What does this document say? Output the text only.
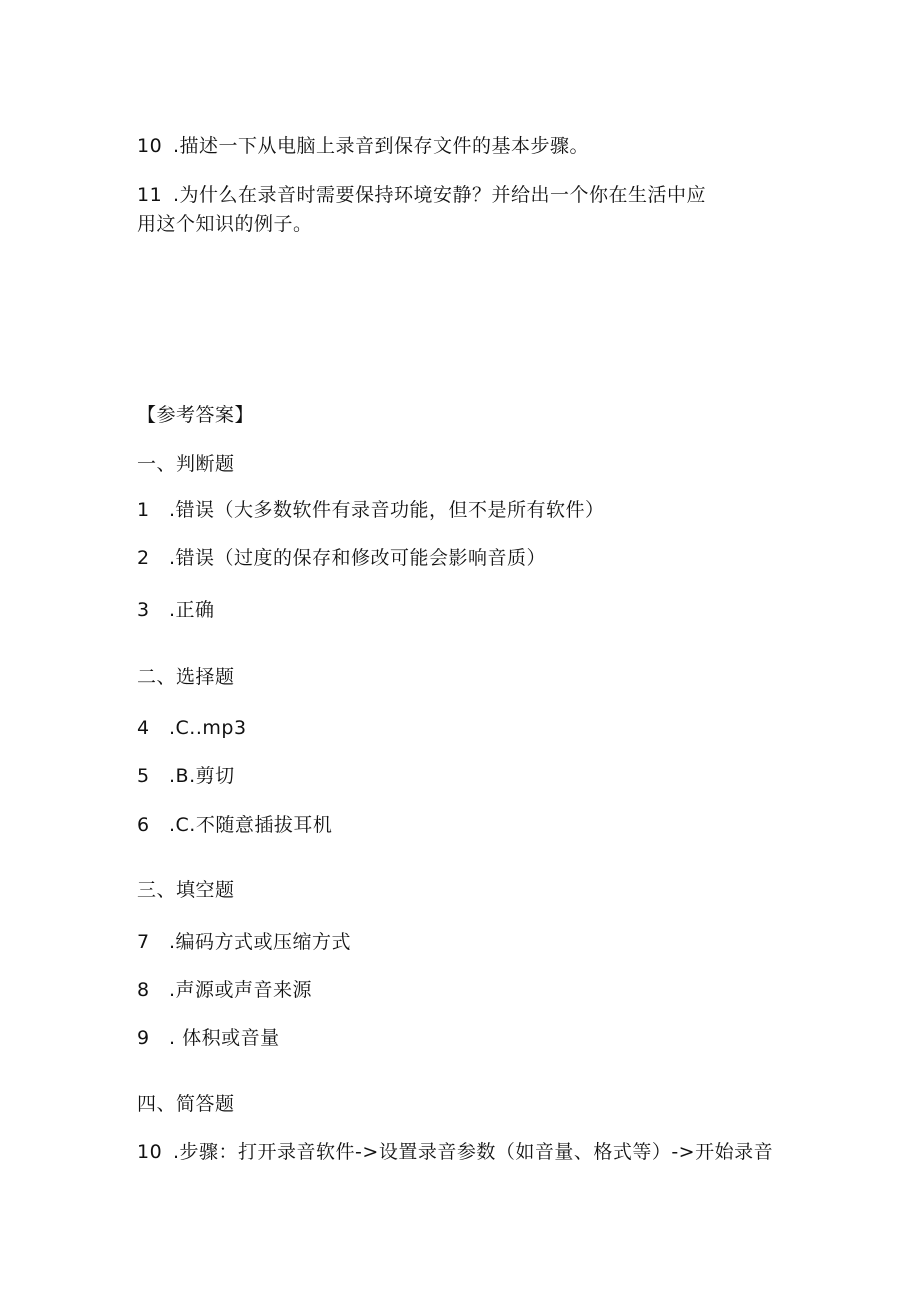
10 .描述一下从电脑上录音到保存文件的基本步骤。
11 .为什么在录音时需要保持环境安静？并给出一个你在生活中应
用这个知识的例子。
【参考答案】
一、判断题
1 .错误（大多数软件有录音功能，但不是所有软件）
2 .错误（过度的保存和修改可能会影响音质）
3 .正确
二、选择题
4 .C..mp3
5 .B.剪切
6 .C.不随意插拔耳机
三、填空题
7 .编码方式或压缩方式
8 .声源或声音来源
9 . 体积或音量
四、简答题
10 .步骤：打开录音软件->设置录音参数（如音量、格式等）->开始录音
